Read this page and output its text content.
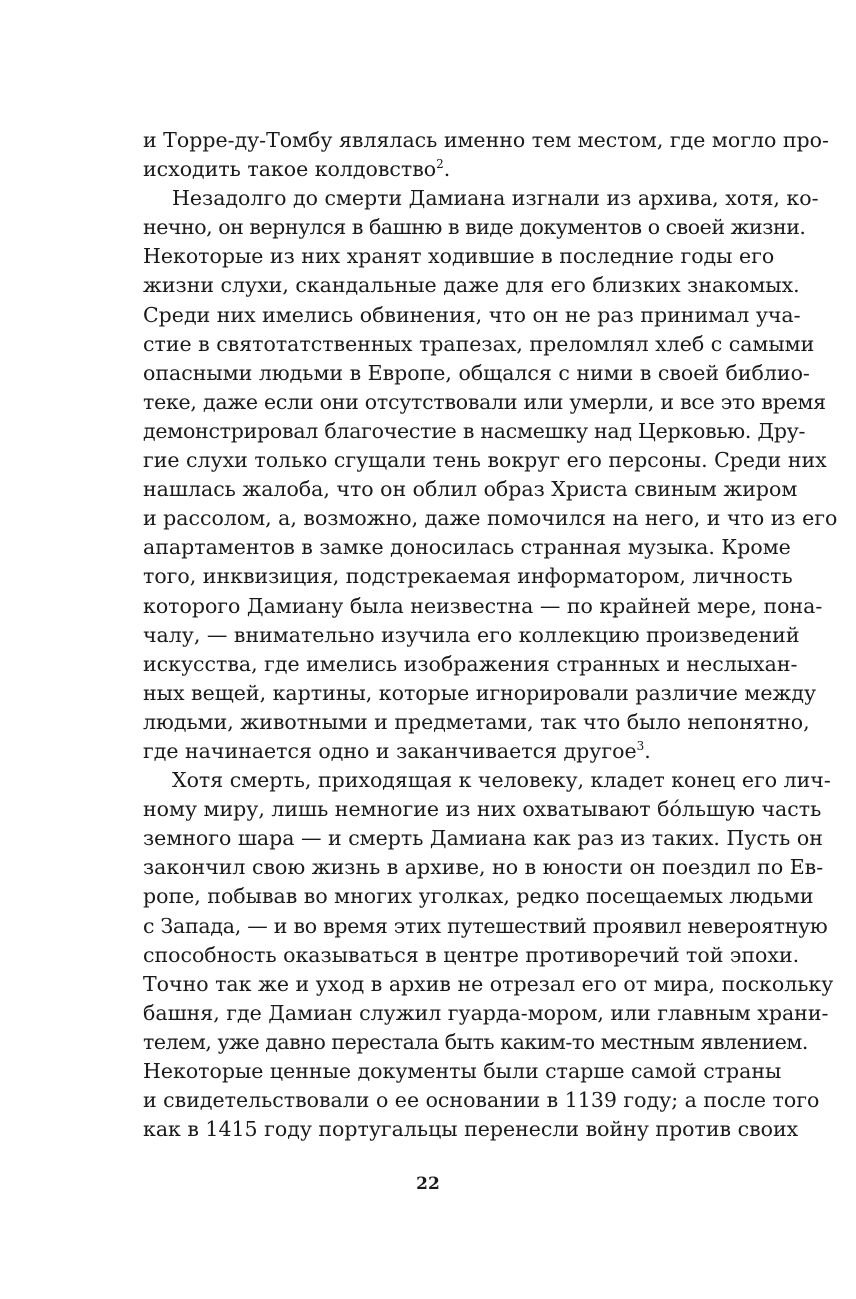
и Торре-ду-Томбу являлась именно тем местом, где могло про-
исходить такое колдовство$^2$.
Незадолго до смерти Дамиана изгнали из архива, хотя, ко-
нечно, он вернулся в башню в виде документов о своей жизни.
Некоторые из них хранят ходившие в последние годы его
жизни слухи, скандальные даже для его близких знакомых.
Среди них имелись обвинения, что он не раз принимал уча-
стие в святотатственных трапезах, преломлял хлеб с самыми
опасными людьми в Европе, общался с ними в своей библио-
теке, даже если они отсутствовали или умерли, и все это время
демонстрировал благочестие в насмешку над Церковью. Дру-
гие слухи только сгущали тень вокруг его персоны. Среди них
нашлась жалоба, что он облил образ Христа свиным жиром
и рассолом, а, возможно, даже помочился на него, и что из его
апартаментов в замке доносилась странная музыка. Кроме
того, инквизиция, подстрекаемая информатором, личность
которого Дамиану была неизвестна — по крайней мере, пона-
чалу, — внимательно изучила его коллекцию произведений
искусства, где имелись изображения странных и неслыхан-
ных вещей, картины, которые игнорировали различие между
людьми, животными и предметами, так что было непонятно,
где начинается одно и заканчивается другое$^3$.
Хотя смерть, приходящая к человеку, кладет конец его лич-
ному миру, лишь немногие из них охватывают бóльшую часть
земного шара — и смерть Дамиана как раз из таких. Пусть он
закончил свою жизнь в архиве, но в юности он поездил по Ев-
ропе, побывав во многих уголках, редко посещаемых людьми
с Запада, — и во время этих путешествий проявил невероятную
способность оказываться в центре противоречий той эпохи.
Точно так же и уход в архив не отрезал его от мира, поскольку
башня, где Дамиан служил гуарда-мором, или главным храни-
телем, уже давно перестала быть каким-то местным явлением.
Некоторые ценные документы были старше самой страны
и свидетельствовали о ее основании в 1139 году; а после того
как в 1415 году португальцы перенесли войну против своих
22
